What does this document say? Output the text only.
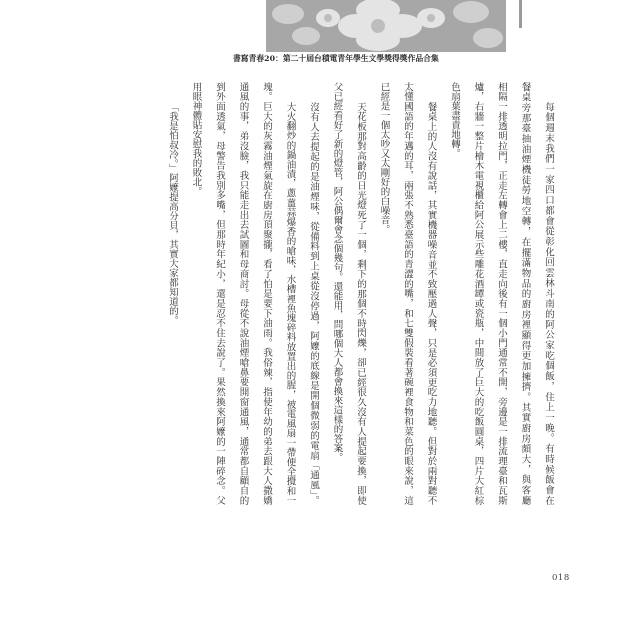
書寫青春20：第二十屆台積電青年學生文學獎得獎作品合集
每個週末我們一家四口都會從彰化回雲林斗南的阿公家吃個飯，住上一晚。有時候飯會在
餐桌旁那臺抽油煙機徒勞地空轉，在擺滿物品的廚房裡顯得更加擁擠。其實廚房頗大，與客廳
相隔一排透明拉門，正走左轉會上二樓，直走向後有一個小門通常不開，旁邊是一排流理臺和瓦斯
爐，右牆一整片檜木電視櫃給阿公展示些雕花酒罈或瓷瓶，中間放了巨大的吃飯圓桌，四片大紅棕
色扇葉盡責地轉。
餐桌上的人沒有說話，其實機器噪音並不致壓過人聲，只是必須更吃力地聽。但對於兩對聽不
太懂國語的年邁的耳，兩張不熟悉臺語的青澀的嘴，和七雙假裝看著碗裡食物和菜色的眼來說，這
已經是一個太吵又太剛好的白噪音。
天花板那對高齡的日光燈死了一個，剩下的那個不時閃爍，卻已經很久沒有人提起要換，即使
父已經看好了新的燈管，阿公偶爾會念個幾句。還能用，問哪個大人都會換來這樣的答案。
沒有人去提起的是油煙味，從備料到上桌從沒停過，阿嬤的底線是開個微弱的電扇「通風」。
大火翻炒的鍋油漬，蔥薑蒜爆香的嗆味，水槽裡魚塊碎料放置出的腥，被電風扇一帶便全攪和一
塊。巨大的灰霧油煙氣旋在廚房頂聚攏，看了怕是要下油雨。我俗辣，指使年幼的弟去跟大人撒嬌
通風的事，弟沒臉，我只能走出去試圖和母商討。母從不說油煙嗆鼻要開窗通風，通常都自顧自的
到外面透氣，母警告我別多嘴，但那時年紀小，還是忍不住去說了。果然換來阿嬤的一陣碎念。父
用眼神體貼安慰我的敗北。
「我是怕叔冷。」阿嬤提高分貝，其實大家都知道的。
018
